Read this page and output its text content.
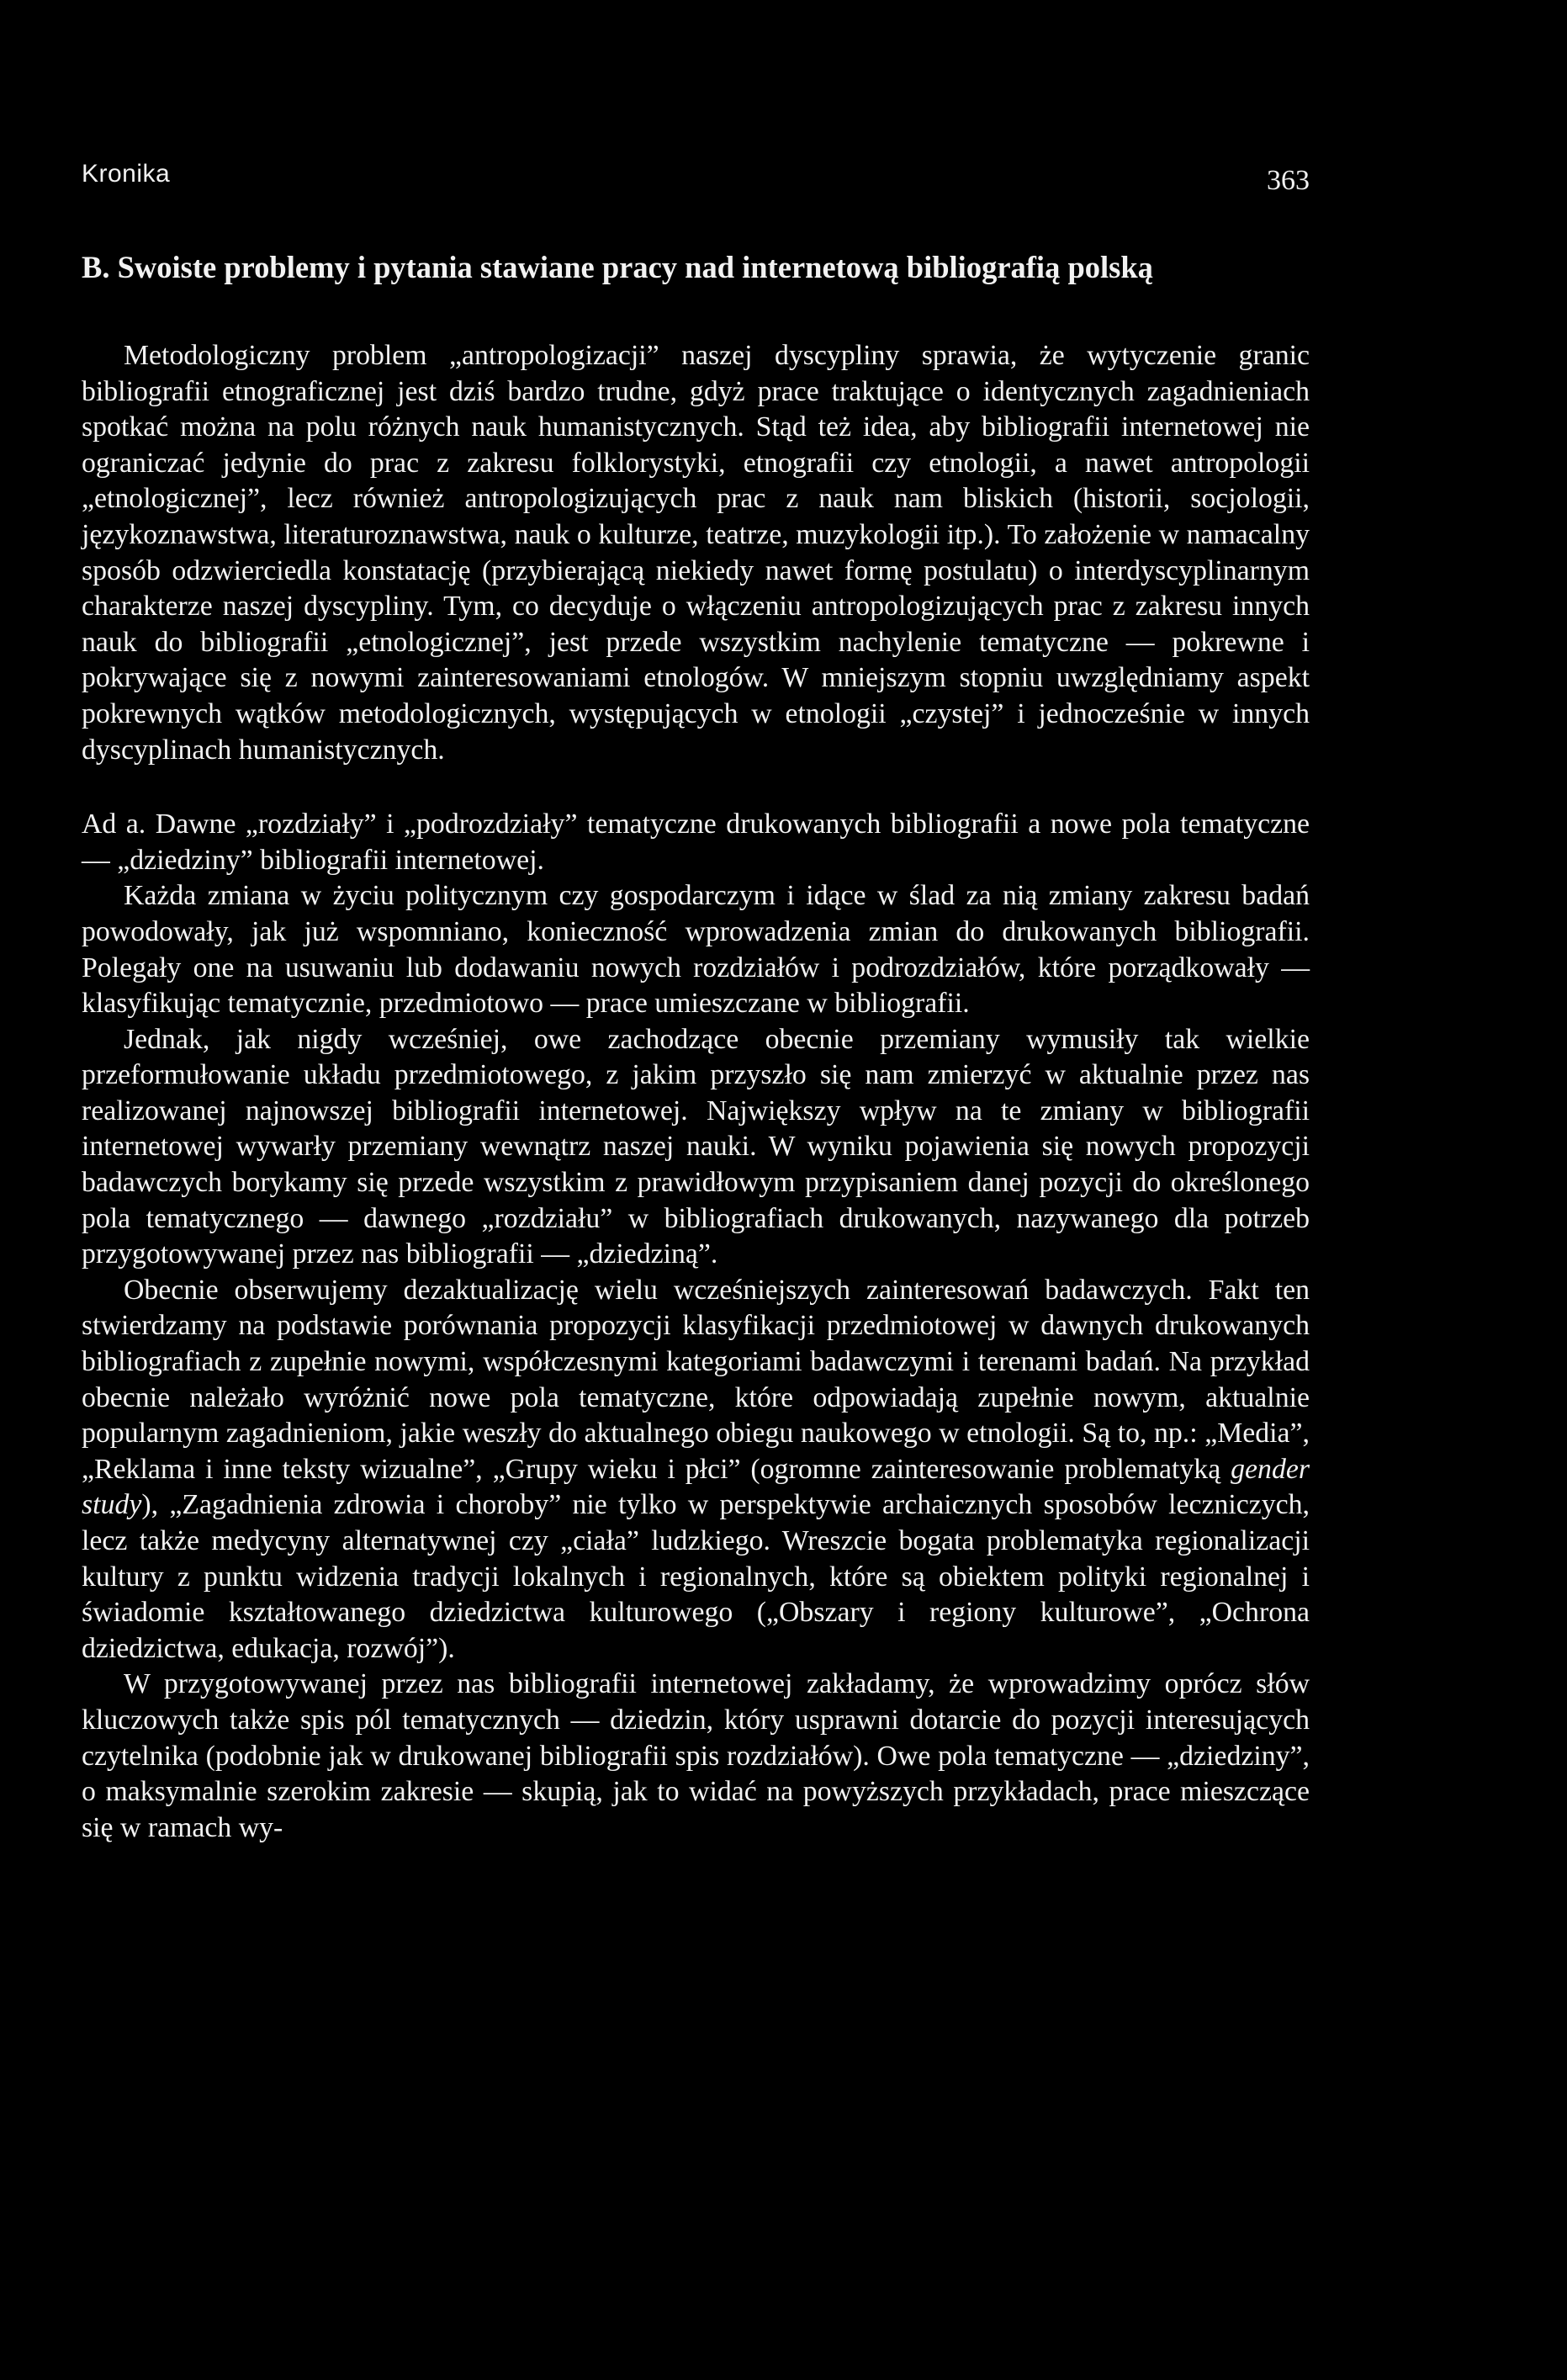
Kronika	363
B. Swoiste problemy i pytania stawiane pracy nad internetową bibliografią polską

Metodologiczny problem „antropologizacji” naszej dyscypliny sprawia, że wytyczenie granic bibliografii etnograficznej jest dziś bardzo trudne, gdyż prace traktujące o identycznych zagadnieniach spotkać można na polu różnych nauk humanistycznych. Stąd też idea, aby bibliografii internetowej nie ograniczać jedynie do prac z zakresu folklorystyki, etnografii czy etnologii, a nawet antropologii „etnologicznej”, lecz również antropologizujących prac z nauk nam bliskich (historii, socjologii, językoznawstwa, literaturoznawstwa, nauk o kulturze, teatrze, muzykologii itp.). To założenie w namacalny sposób odzwierciedla konstatację (przybierającą niekiedy nawet formę postulatu) o interdyscyplinarnym charakterze naszej dyscypliny. Tym, co decyduje o włączeniu antropologizujących prac z zakresu innych nauk do bibliografii „etnologicznej”, jest przede wszystkim nachylenie tematyczne — pokrewne i pokrywające się z nowymi zainteresowaniami etnologów. W mniejszym stopniu uwzględniamy aspekt pokrewnych wątków metodologicznych, występujących w etnologii „czystej” i jednocześnie w innych dyscyplinach humanistycznych.

Ad a. Dawne „rozdziały” i „podrozdziały” tematyczne drukowanych bibliografii a nowe pola tematyczne — „dziedziny” bibliografii internetowej.

Każda zmiana w życiu politycznym czy gospodarczym i idące w ślad za nią zmiany zakresu badań powodowały, jak już wspomniano, konieczność wprowadzenia zmian do drukowanych bibliografii. Polegały one na usuwaniu lub dodawaniu nowych rozdziałów i podrozdziałów, które porządkowały — klasyfikując tematycznie, przedmiotowo — prace umieszczane w bibliografii.

Jednak, jak nigdy wcześniej, owe zachodzące obecnie przemiany wymusiły tak wielkie przeformułowanie układu przedmiotowego, z jakim przyszło się nam zmierzyć w aktualnie przez nas realizowanej najnowszej bibliografii internetowej. Największy wpływ na te zmiany w bibliografii internetowej wywarły przemiany wewnątrz naszej nauki. W wyniku pojawienia się nowych propozycji badawczych borykamy się przede wszystkim z prawidłowym przypisaniem danej pozycji do określonego pola tematycznego — dawnego „rozdziału” w bibliografiach drukowanych, nazywanego dla potrzeb przygotowywanej przez nas bibliografii — „dziedziną”.

Obecnie obserwujemy dezaktualizację wielu wcześniejszych zainteresowań badawczych. Fakt ten stwierdzamy na podstawie porównania propozycji klasyfikacji przedmiotowej w dawnych drukowanych bibliografiach z zupełnie nowymi, współczesnymi kategoriami badawczymi i terenami badań. Na przykład obecnie należało wyróżnić nowe pola tematyczne, które odpowiadają zupełnie nowym, aktualnie popularnym zagadnieniom, jakie weszły do aktualnego obiegu naukowego w etnologii. Są to, np.: „Media”, „Reklama i inne teksty wizualne”, „Grupy wieku i płci” (ogromne zainteresowanie problematyką gender study), „Zagadnienia zdrowia i choroby” nie tylko w perspektywie archaicznych sposobów leczniczych, lecz także medycyny alternatywnej czy „ciała” ludzkiego. Wreszcie bogata problematyka regionalizacji kultury z punktu widzenia tradycji lokalnych i regionalnych, które są obiektem polityki regionalnej i świadomie kształtowanego dziedzictwa kulturowego („Obszary i regiony kulturowe”, „Ochrona dziedzictwa, edukacja, rozwój”).

W przygotowywanej przez nas bibliografii internetowej zakładamy, że wprowadzimy oprócz słów kluczowych także spis pól tematycznych — dziedzin, który usprawni dotarcie do pozycji interesujących czytelnika (podobnie jak w drukowanej bibliografii spis rozdziałów). Owe pola tematyczne — „dziedziny”, o maksymalnie szerokim zakresie — skupią, jak to widać na powyższych przykładach, prace mieszczące się w ramach wy-
